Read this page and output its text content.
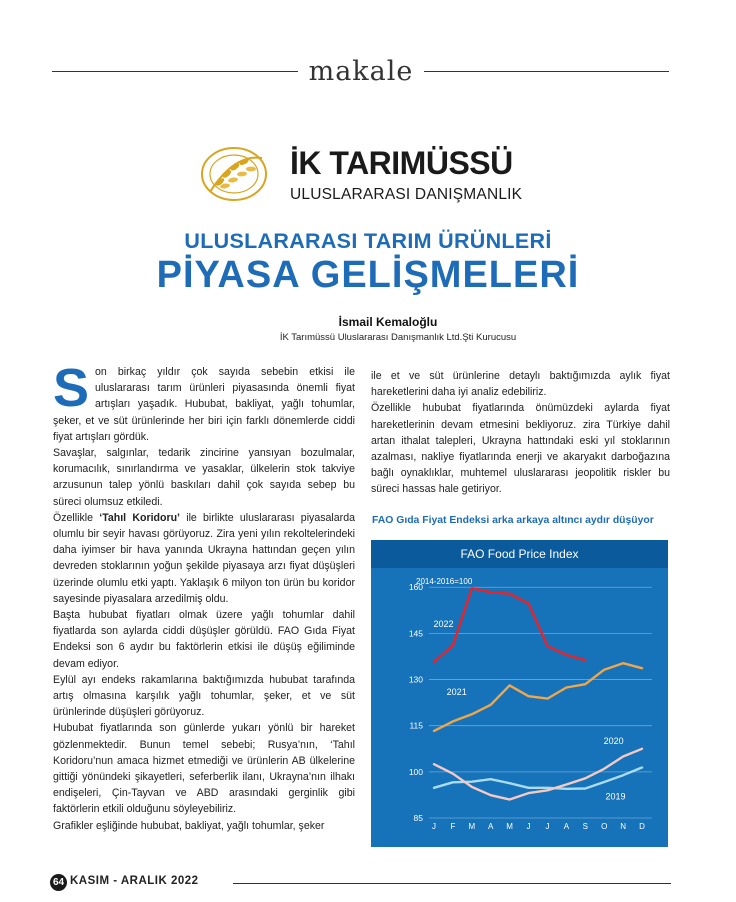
makale
İK TARIMÜSSÜ
ULUSLARARASI DANIŞMANLIK
ULUSLARARASI TARIM ÜRÜNLERİ
PİYASA GELİŞMELERİ
İsmail Kemaloğlu
İK Tarımüssü Uluslararası Danışmanlık Ltd.Şti Kurucusu

Son birkaç yıldır çok sayıda sebebin etkisi ile uluslararası tarım ürünleri piyasasında önemli fiyat artışları yaşadık. Hububat, bakliyat, yağlı tohumlar, şeker, et ve süt ürünlerinde her biri için farklı dönemlerde ciddi fiyat artışları gördük.

Savaşlar, salgınlar, tedarik zincirine yansıyan bozulmalar, korumacılık, sınırlandırma ve yasaklar, ülkelerin stok takviye arzusunun talep yönlü baskıları dahil çok sayıda sebep bu süreci olumsuz etkiledi.

Özellikle ‘Tahıl Koridoru’ ile birlikte uluslararası piyasalarda olumlu bir seyir havası görüyoruz. Zira yeni yılın rekoltelerindeki daha iyimser bir hava yanında Ukrayna hattından geçen yılın devreden stoklarının yoğun şekilde piyasaya arzı fiyat düşüşleri üzerinde olumlu etki yaptı. Yaklaşık 6 milyon ton ürün bu koridor sayesinde piyasalara arzedilmiş oldu.

Başta hububat fiyatları olmak üzere yağlı tohumlar dahil fiyatlarda son aylarda ciddi düşüşler görüldü. FAO Gıda Fiyat Endeksi son 6 aydır bu faktörlerin etkisi ile düşüş eğiliminde devam ediyor.

Eylül ayı endeks rakamlarına baktığımızda hububat tarafında artış olmasına karşılık yağlı tohumlar, şeker, et ve süt ürünlerinde düşüşleri görüyoruz.

Hububat fiyatlarında son günlerde yukarı yönlü bir hareket gözlenmektedir. Bunun temel sebebi; Rusya’nın, ‘Tahıl Koridoru’nun amaca hizmet etmediği ve ürünlerin AB ülkelerine gittiği yönündeki şikayetleri, seferberlik ilanı, Ukrayna’nın ilhakı endişeleri, Çin-Tayvan ve ABD arasındaki gerginlik gibi faktörlerin etkili olduğunu söyleyebiliriz.

Grafikler eşliğinde hububat, bakliyat, yağlı tohumlar, şeker

ile et ve süt ürünlerine detaylı baktığımızda aylık fiyat hareketlerini daha iyi analiz edebiliriz.

Özellikle hububat fiyatlarında önümüzdeki aylarda fiyat hareketlerinin devam etmesini bekliyoruz. zira Türkiye dahil artan ithalat talepleri, Ukrayna hattındaki eski yıl stoklarının azalması, nakliye fiyatlarında enerji ve akaryakıt darboğazına bağlı oynaklıklar, muhtemel uluslararası jeopolitik riskler bu süreci hassas hale getiriyor.

FAO Gıda Fiyat Endeksi arka arkaya altıncı aydır düşüyor
FAO Food Price Index
2014-2016=100
85
100
115
130
145
160
J F M A M J J A S O N D
2022
2021
2020
2019
64 KASIM - ARALIK 2022
